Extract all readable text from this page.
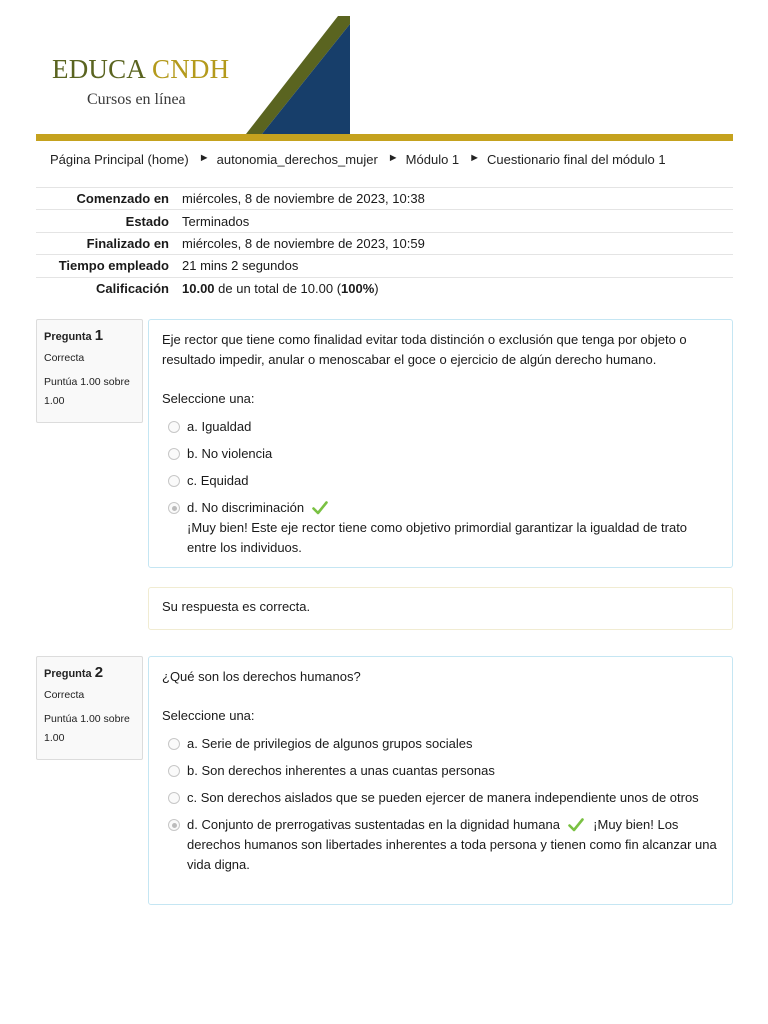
EDUCA CNDH
Cursos en línea
Página Principal (home) ► autonomia_derechos_mujer ► Módulo 1 ► Cuestionario final del módulo 1
Comenzado en	miércoles, 8 de noviembre de 2023, 10:38
Estado	Terminados
Finalizado en	miércoles, 8 de noviembre de 2023, 10:59
Tiempo empleado	21 mins 2 segundos
Calificación	10.00 de un total de 10.00 (100%)
Pregunta 1
Correcta
Puntúa 1.00 sobre 1.00
Eje rector que tiene como finalidad evitar toda distinción o exclusión que tenga por objeto o resultado impedir, anular o menoscabar el goce o ejercicio de algún derecho humano.
Seleccione una:
a. Igualdad
b. No violencia
c. Equidad
d. No discriminación
¡Muy bien! Este eje rector tiene como objetivo primordial garantizar la igualdad de trato entre los individuos.
Su respuesta es correcta.
Pregunta 2
Correcta
Puntúa 1.00 sobre 1.00
¿Qué son los derechos humanos?
Seleccione una:
a. Serie de privilegios de algunos grupos sociales
b. Son derechos inherentes a unas cuantas personas
c. Son derechos aislados que se pueden ejercer de manera independiente unos de otros
d. Conjunto de prerrogativas sustentadas en la dignidad humana	¡Muy bien! Los derechos humanos son libertades inherentes a toda persona y tienen como fin alcanzar una vida digna.
